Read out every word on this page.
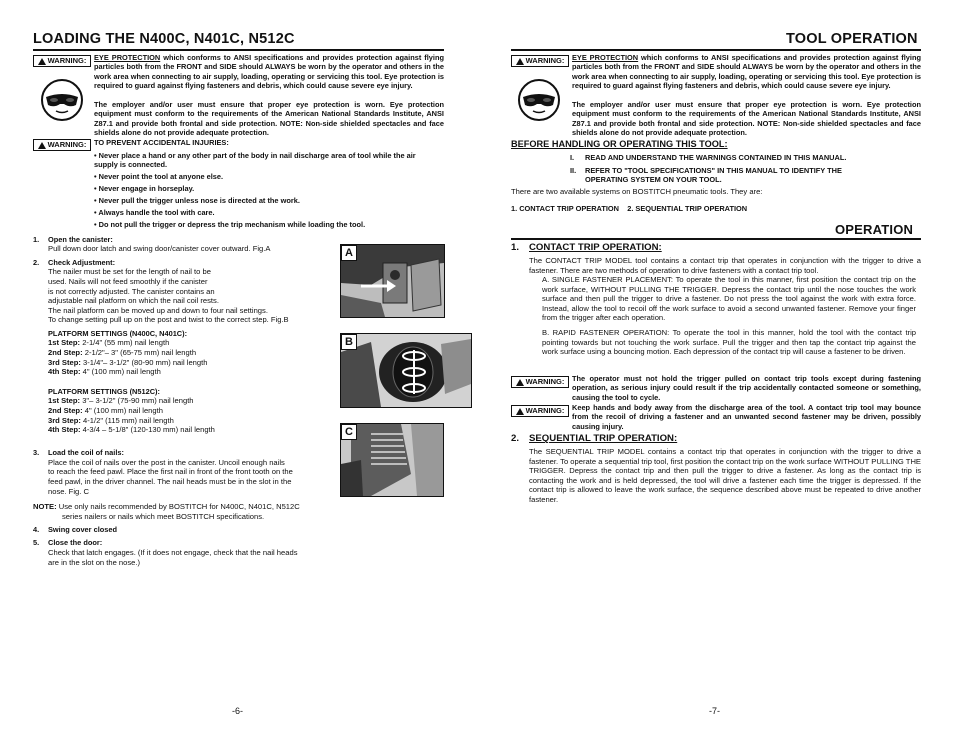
LOADING THE N400C, N401C, N512C
WARNING: EYE PROTECTION which conforms to ANSI specifications and provides protection against flying particles both from the FRONT and SIDE should ALWAYS be worn by the operator and others in the work area when connecting to air supply, loading, operating or servicing this tool. Eye protection is required to guard against flying fasteners and debris, which could cause severe eye injury.
The employer and/or user must ensure that proper eye protection is worn. Eye protection equipment must conform to the requirements of the American National Standards Institute, ANSI Z87.1 and provide both frontal and side protection. NOTE: Non-side shielded spectacles and face shields alone do not provide adequate protection.
WARNING: TO PREVENT ACCIDENTAL INJURIES:
• Never place a hand or any other part of the body in nail discharge area of tool while the air supply is connected.
• Never point the tool at anyone else.
• Never engage in horseplay.
• Never pull the trigger unless nose is directed at the work.
• Always handle the tool with care.
• Do not pull the trigger or depress the trip mechanism while loading the tool.
1. Open the canister:
Pull down door latch and swing door/canister cover outward. Fig.A
2. Check Adjustment:
The nailer must be set for the length of nail to be
used. Nails will not feed smoothly if the canister
is not correctly adjusted. The canister contains an
adjustable nail platform on which the nail coil rests.
The nail platform can be moved up and down to four nail settings.
To change setting pull up on the post and twist to the correct step. Fig.B
PLATFORM SETTINGS (N400C, N401C):
1st Step: 2-1/4" (55 mm) nail length
2nd Step: 2-1/2"– 3" (65-75 mm) nail length
3rd Step: 3-1/4"– 3-1/2" (80-90 mm) nail length
4th Step: 4" (100 mm) nail length
PLATFORM SETTINGS (N512C):
1st Step: 3"– 3-1/2" (75-90 mm) nail length
2nd Step: 4" (100 mm) nail length
3rd Step: 4-1/2" (115 mm) nail length
4th Step: 4-3/4 – 5-1/8" (120-130 mm) nail length
3. Load the coil of nails:
Place the coil of nails over the post in the canister. Uncoil enough nails
to reach the feed pawl. Place the first nail in front of the front tooth on the
feed pawl, in the driver channel. The nail heads must be in the slot in the
nose. Fig. C
NOTE: Use only nails recommended by BOSTITCH for N400C, N401C, N512C
series nailers or nails which meet BOSTITCH specifications.
4. Swing cover closed
5. Close the door:
Check that latch engages. (If it does not engage, check that the nail heads
are in the slot on the nose.)
A
B
C
-6-
TOOL OPERATION
WARNING: EYE PROTECTION which conforms to ANSI specifications and provides protection against flying particles both from the FRONT and SIDE should ALWAYS be worn by the operator and others in the work area when connecting to air supply, loading, operating or servicing this tool. Eye protection is required to guard against flying fasteners and debris, which could cause severe eye injury.
The employer and/or user must ensure that proper eye protection is worn. Eye protection equipment must conform to the requirements of the American National Standards Institute, ANSI Z87.1 and provide both frontal and side protection. NOTE: Non-side shielded spectacles and face shields alone do not provide adequate protection.
BEFORE HANDLING OR OPERATING THIS TOOL:
I. READ AND UNDERSTAND THE WARNINGS CONTAINED IN THIS MANUAL.
II. REFER TO "TOOL SPECIFICATIONS" IN THIS MANUAL TO IDENTIFY THE OPERATING SYSTEM ON YOUR TOOL.
There are two available systems on BOSTITCH pneumatic tools. They are:
1. CONTACT TRIP OPERATION    2. SEQUENTIAL TRIP OPERATION
OPERATION
1. CONTACT TRIP OPERATION:
The CONTACT TRIP MODEL tool contains a contact trip that operates in conjunction with the trigger to drive a fastener. There are two methods of operation to drive fasteners with a contact trip tool.
A. SINGLE FASTENER PLACEMENT: To operate the tool in this manner, first position the contact trip on the work surface, WITHOUT PULLING THE TRIGGER. Depress the contact trip until the nose touches the work surface and then pull the trigger to drive a fastener. Do not press the tool against the work with extra force. Instead, allow the tool to recoil off the work surface to avoid a second unwanted fastener. Remove your finger from the trigger after each operation.
B. RAPID FASTENER OPERATION: To operate the tool in this manner, hold the tool with the contact trip pointing towards but not touching the work surface. Pull the trigger and then tap the contact trip against the work surface using a bouncing motion. Each depression of the contact trip will cause a fastener to be driven.
WARNING: The operator must not hold the trigger pulled on contact trip tools except during fastening operation, as serious injury could result if the trip accidentally contacted someone or something, causing the tool to cycle.
WARNING: Keep hands and body away from the discharge area of the tool. A contact trip tool may bounce from the recoil of driving a fastener and an unwanted second fastener may be driven, possibly causing injury.
2. SEQUENTIAL TRIP OPERATION:
The SEQUENTIAL TRIP MODEL contains a contact trip that operates in conjunction with the trigger to drive a fastener. To operate a sequential trip tool, first position the contact trip on the work surface WITHOUT PULLING THE TRIGGER. Depress the contact trip and then pull the trigger to drive a fastener. As long as the contact trip is contacting the work and is held depressed, the tool will drive a fastener each time the trigger is depressed. If the contact trip is allowed to leave the work surface, the sequence described above must be repeated to drive another fastener.
-7-
